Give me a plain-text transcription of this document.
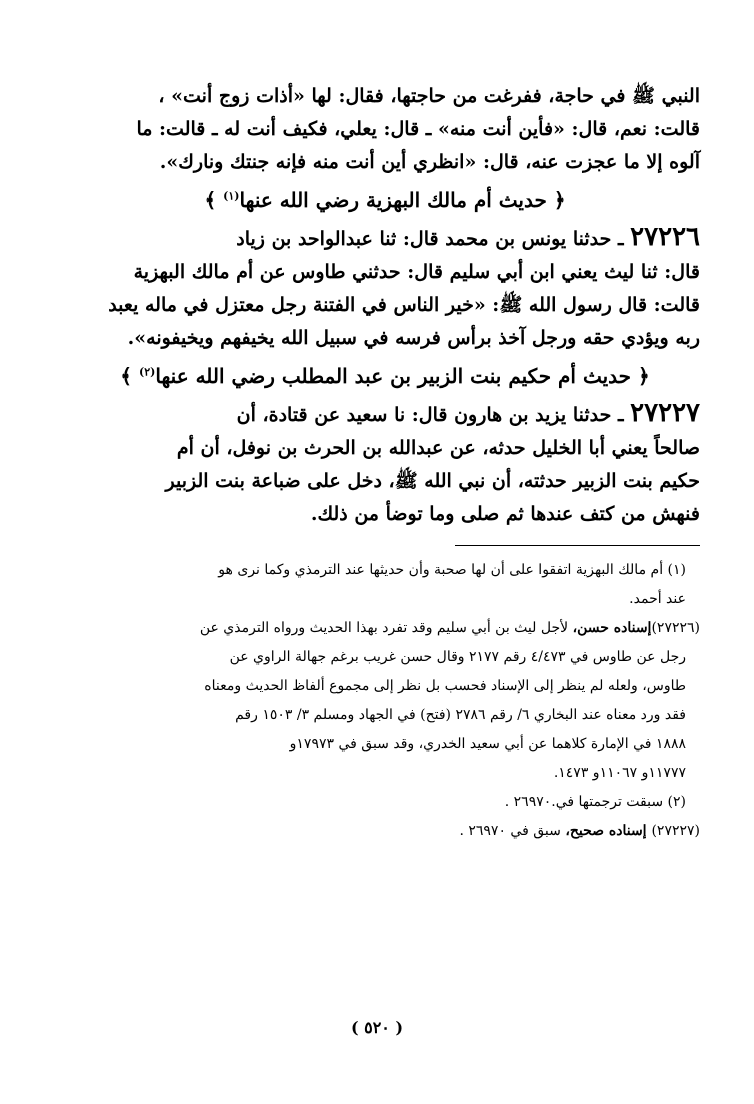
النبي ﷺ في حاجة، ففرغت من حاجتها، فقال: لها «أذات زوج أنت» ،

قالت: نعم، قال: «فأين أنت منه» ـ قال: يعلي، فكيف أنت له ـ قالت: ما

آلوه إلا ما عجزت عنه، قال: «انظري أين أنت منه فإنه جنتك ونارك».

﴿ حديث أم مالك البهزية رضي الله عنها$^{(١)}$ ﴾

٢٧٢٢٦ ـ حدثنا يونس بن محمد قال: ثنا عبدالواحد بن زياد

قال: ثنا ليث يعني ابن أبي سليم قال: حدثني طاوس عن أم مالك البهزية

قالت: قال رسول الله ﷺ: «خير الناس في الفتنة رجل معتزل في ماله يعبد

ربه ويؤدي حقه ورجل آخذ برأس فرسه في سبيل الله يخيفهم ويخيفونه».

﴿ حديث أم حكيم بنت الزبير بن عبد المطلب رضي الله عنها$^{(٢)}$ ﴾

٢٧٢٢٧ ـ حدثنا يزيد بن هارون قال: نا سعيد عن قتادة، أن

صالحاً يعني أبا الخليل حدثه، عن عبدالله بن الحرث بن نوفل، أن أم

حكيم بنت الزبير حدثته، أن نبي الله ﷺ، دخل على ضباعة بنت الزبير

فنهش من كتف عندها ثم صلى وما توضأ من ذلك.

(١) أم مالك البهزية اتفقوا على أن لها صحبة وأن حديثها عند الترمذي وكما نرى هو

عند أحمد.

(٢٧٢٢٦)إسناده حسن، لأجل ليث بن أبي سليم وقد تفرد بهذا الحديث ورواه الترمذي عن

رجل عن طاوس في ٤/٤٧٣ رقم ٢١٧٧ وقال حسن غريب برغم جهالة الراوي عن

طاوس، ولعله لم ينظر إلى الإسناد فحسب بل نظر إلى مجموع ألفاظ الحديث ومعناه

فقد ورد معناه عند البخاري ٦/ رقم ٢٧٨٦ (فتح) في الجهاد ومسلم ٣/ ١٥٠٣ رقم

١٨٨٨ في الإمارة كلاهما عن أبي سعيد الخدري، وقد سبق في ١٧٩٧٣و

١١٧٧٧و ١١٠٦٧و ١٤٧٣.

(٢) سبقت ترجمتها في.٢٦٩٧٠ .

(٢٧٢٢٧) إسناده صحيح، سبق في ٢٦٩٧٠ .

( ٥٢٠ )
